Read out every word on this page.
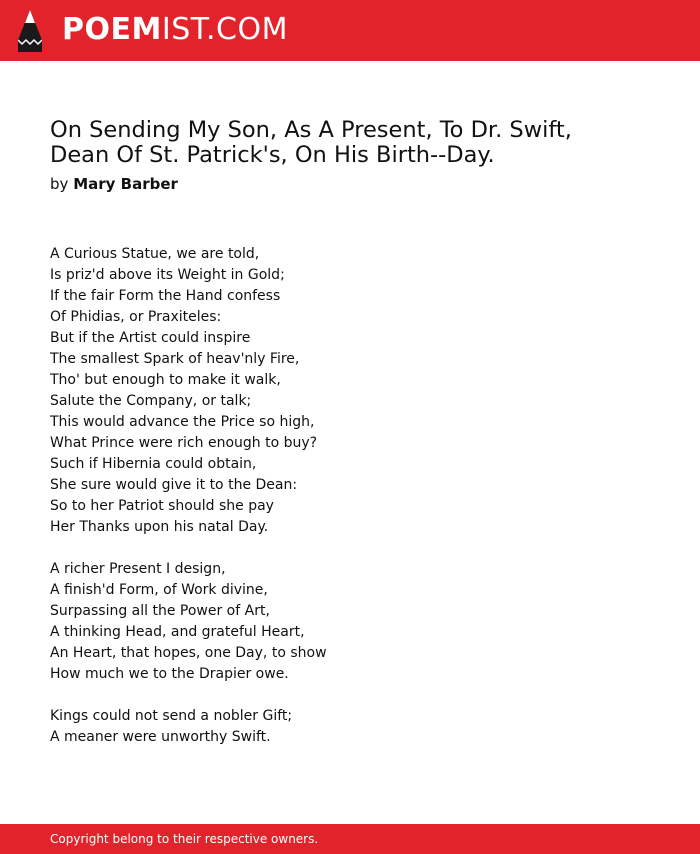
POEMIST.COM
On Sending My Son, As A Present, To Dr. Swift,
Dean Of St. Patrick's, On His Birth--Day.
by Mary Barber
A Curious Statue, we are told,
Is priz'd above its Weight in Gold;
If the fair Form the Hand confess
Of Phidias, or Praxiteles:
But if the Artist could inspire
The smallest Spark of heav'nly Fire,
Tho' but enough to make it walk,
Salute the Company, or talk;
This would advance the Price so high,
What Prince were rich enough to buy?
Such if Hibernia could obtain,
She sure would give it to the Dean:
So to her Patriot should she pay
Her Thanks upon his natal Day.
A richer Present I design,
A finish'd Form, of Work divine,
Surpassing all the Power of Art,
A thinking Head, and grateful Heart,
An Heart, that hopes, one Day, to show
How much we to the Drapier owe.
Kings could not send a nobler Gift;
A meaner were unworthy Swift.
Copyright belong to their respective owners.
